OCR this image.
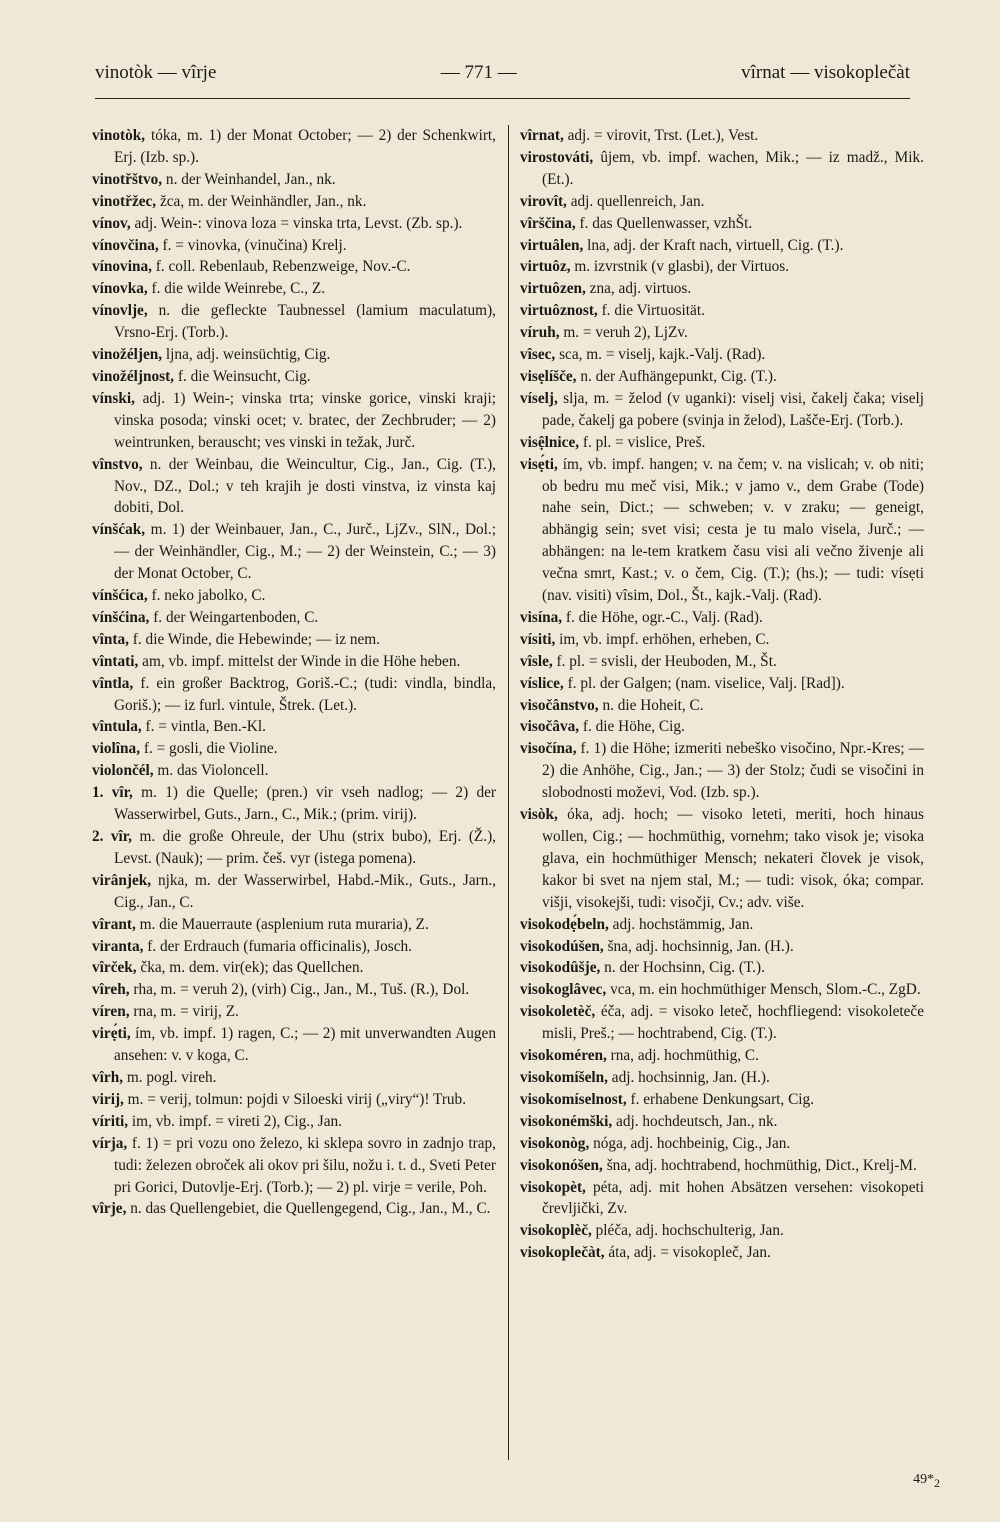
vinotòk — vîrje	— 771 —	vîrnat — visokoplečàt

vinotòk, tóka, m. 1) der Monat October; — 2) der Schenkwirt, Erj. (Izb. sp.).

vinotřštvo, n. der Weinhandel, Jan., nk.

vinotřžec, žca, m. der Weinhändler, Jan., nk.

vínov, adj. Wein-: vinova loza = vinska trta, Levst. (Zb. sp.).

vínovčina, f. = vinovka, (vinučina) Krelj.

vínovina, f. coll. Rebenlaub, Rebenzweige, Nov.-C.

vínovka, f. die wilde Weinrebe, C., Z.

vínovlje, n. die gefleckte Taubnessel (lamium maculatum), Vrsno-Erj. (Torb.).

vinožéljen, ljna, adj. weinsüchtig, Cig.

vinožéljnost, f. die Weinsucht, Cig.

vínski, adj. 1) Wein-; vinska trta; vinske gorice, vinski kraji; vinska posoda; vinski ocet; v. bratec, der Zechbruder; — 2) weintrunken, berauscht; ves vinski in težak, Jurč.

vînstvo, n. der Weinbau, die Weincultur, Cig., Jan., Cig. (T.), Nov., DZ., Dol.; v teh krajih je dosti vinstva, iz vinsta kaj dobiti, Dol.

vínšćak, m. 1) der Weinbauer, Jan., C., Jurč., LjZv., SlN., Dol.; — der Weinhändler, Cig., M.; — 2) der Weinstein, C.; — 3) der Monat October, C.

vínšćica, f. neko jabolko, C.

vínšćina, f. der Weingartenboden, C.

vînta, f. die Winde, die Hebewinde; — iz nem.

vîntati, am, vb. impf. mittelst der Winde in die Höhe heben.

vîntla, f. ein großer Backtrog, Goriš.-C.; (tudi: vindla, bindla, Goriš.); — iz furl. vintule, Štrek. (Let.).

vîntula, f. = vintla, Ben.-Kl.

violîna, f. = gosli, die Violine.

violončél, m. das Violoncell.

1. vîr, m. 1) die Quelle; (pren.) vir vseh nadlog; — 2) der Wasserwirbel, Guts., Jarn., C., Mik.; (prim. virij).

2. vîr, m. die große Ohreule, der Uhu (strix bubo), Erj. (Ž.), Levst. (Nauk); — prim. češ. vyr (istega pomena).

virânjek, njka, m. der Wasserwirbel, Habd.-Mik., Guts., Jarn., Cig., Jan., C.

vîrant, m. die Mauerraute (asplenium ruta muraria), Z.

viranta, f. der Erdrauch (fumaria officinalis), Josch.

vîrček, čka, m. dem. vir(ek); das Quellchen.

vîreh, rha, m. = veruh 2), (virh) Cig., Jan., M., Tuš. (R.), Dol.

víren, rna, m. = virij, Z.

virẹ́ti, ím, vb. impf. 1) ragen, C.; — 2) mit unverwandten Augen ansehen: v. v koga, C.

vîrh, m. pogl. vireh.

virij, m. = verij, tolmun: pojdi v Siloeski virij („viry“)! Trub.

víriti, im, vb. impf. = vireti 2), Cig., Jan.

vírja, f. 1) = pri vozu ono železo, ki sklepa sovro in zadnjo trap, tudi: železen obroček ali okov pri šilu, nožu i. t. d., Sveti Peter pri Gorici, Dutovlje-Erj. (Torb.); — 2) pl. virje = verile, Poh.

vîrje, n. das Quellengebiet, die Quellengegend, Cig., Jan., M., C.

vîrnat, adj. = virovit, Trst. (Let.), Vest.

virostováti, ûjem, vb. impf. wachen, Mik.; — iz madž., Mik. (Et.).

virovît, adj. quellenreich, Jan.

vîrščina, f. das Quellenwasser, vzhŠt.

virtuâlen, lna, adj. der Kraft nach, virtuell, Cig. (T.).

virtuôz, m. izvrstnik (v glasbi), der Virtuos.

virtuôzen, zna, adj. virtuos.

virtuôznost, f. die Virtuosität.

víruh, m. = veruh 2), LjZv.

vîsec, sca, m. = viselj, kajk.-Valj. (Rad).

visẹlíšče, n. der Aufhängepunkt, Cig. (T.).

víselj, slja, m. = želod (v uganki): viselj visi, čakelj čaka; viselj pade, čakelj ga pobere (svinja in želod), Lašče-Erj. (Torb.).

visệlnice, f. pl. = vislice, Preš.

visẹ́ti, ím, vb. impf. hangen; v. na čem; v. na vislicah; v. ob niti; ob bedru mu meč visi, Mik.; v jamo v., dem Grabe (Tode) nahe sein, Dict.; — schweben; v. v zraku; — geneigt, abhängig sein; svet visi; cesta je tu malo visela, Jurč.; — abhängen: na le-tem kratkem času visi ali večno živenje ali večna smrt, Kast.; v. o čem, Cig. (T.); (hs.); — tudi: vísẹti (nav. visiti) vîsim, Dol., Št., kajk.-Valj. (Rad).

visína, f. die Höhe, ogr.-C., Valj. (Rad).

vísiti, im, vb. impf. erhöhen, erheben, C.

vîsle, f. pl. = svisli, der Heuboden, M., Št.

víslice, f. pl. der Galgen; (nam. viselice, Valj. [Rad]).

visočânstvo, n. die Hoheit, C.

visočâva, f. die Höhe, Cig.

visočína, f. 1) die Höhe; izmeriti nebeško visočino, Npr.-Kres; — 2) die Anhöhe, Cig., Jan.; — 3) der Stolz; čudi se visočini in slobodnosti moževi, Vod. (Izb. sp.).

visòk, óka, adj. hoch; — visoko leteti, meriti, hoch hinaus wollen, Cig.; — hochmüthig, vornehm; tako visok je; visoka glava, ein hochmüthiger Mensch; nekateri človek je visok, kakor bi svet na njem stal, M.; — tudi: visok, óka; compar. višji, visokejši, tudi: visočji, Cv.; adv. više.

visokodẹ́beln, adj. hochstämmig, Jan.

visokodúšen, šna, adj. hochsinnig, Jan. (H.).

visokodûšje, n. der Hochsinn, Cig. (T.).

visokoglâvec, vca, m. ein hochmüthiger Mensch, Slom.-C., ZgD.

visokoletèč, éča, adj. = visoko leteč, hochfliegend: visokoleteče misli, Preš.; — hochtrabend, Cig. (T.).

visokoméren, rna, adj. hochmüthig, C.

visokomíšeln, adj. hochsinnig, Jan. (H.).

visokomíselnost, f. erhabene Denkungsart, Cig.

visokonémški, adj. hochdeutsch, Jan., nk.

visokonòg, nóga, adj. hochbeinig, Cig., Jan.

visokonóšen, šna, adj. hochtrabend, hochmüthig, Dict., Krelj-M.

visokopèt, péta, adj. mit hohen Absätzen versehen: visokopeti črevljički, Zv.

visokoplèč, pléča, adj. hochschulterig, Jan.

visokoplečàt, áta, adj. = visokopleč, Jan.

$49*_2$
